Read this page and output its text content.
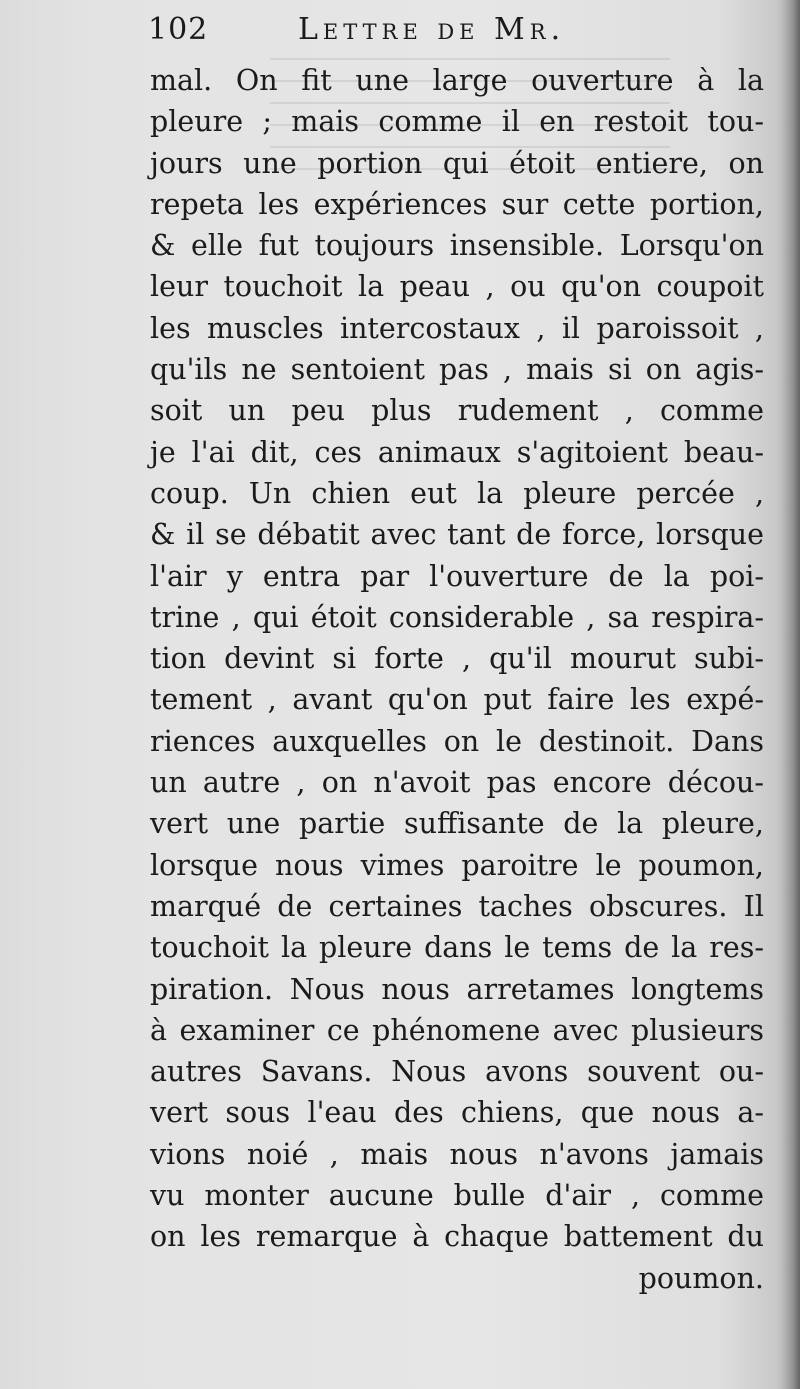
102	Lettre de Mr.
mal. On fit une large ouverture à la
pleure ; mais comme il en restoit tou-
jours une portion qui étoit entiere, on
repeta les expériences sur cette portion,
& elle fut toujours insensible. Lorsqu'on
leur touchoit la peau , ou qu'on coupoit
les muscles intercostaux , il paroissoit ,
qu'ils ne sentoient pas , mais si on agis-
soit un peu plus rudement , comme
je l'ai dit, ces animaux s'agitoient beau-
coup. Un chien eut la pleure percée ,
& il se débatit avec tant de force, lorsque
l'air y entra par l'ouverture de la poi-
trine , qui étoit considerable , sa respira-
tion devint si forte , qu'il mourut subi-
tement , avant qu'on put faire les expé-
riences auxquelles on le destinoit. Dans
un autre , on n'avoit pas encore décou-
vert une partie suffisante de la pleure,
lorsque nous vimes paroitre le poumon,
marqué de certaines taches obscures. Il
touchoit la pleure dans le tems de la res-
piration. Nous nous arretames longtems
à examiner ce phénomene avec plusieurs
autres Savans. Nous avons souvent ou-
vert sous l'eau des chiens, que nous a-
vions noié , mais nous n'avons jamais
vu monter aucune bulle d'air , comme
on les remarque à chaque battement du
poumon.
